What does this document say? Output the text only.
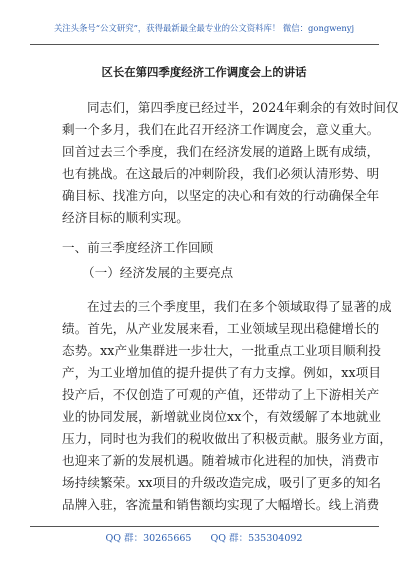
关注头条号“公文研究”，获得最新最全最专业的公文资料库！ 微信：gongwenyj
区长在第四季度经济工作调度会上的讲话
同志们，第四季度已经过半，2024年剩余的有效时间仅
剩一个多月，我们在此召开经济工作调度会，意义重大。
回首过去三个季度，我们在经济发展的道路上既有成绩，
也有挑战。在这最后的冲刺阶段，我们必须认清形势、明
确目标、找准方向，以坚定的决心和有效的行动确保全年
经济目标的顺利实现。
一、前三季度经济工作回顾
（一）经济发展的主要亮点
在过去的三个季度里，我们在多个领域取得了显著的成
绩。首先，从产业发展来看，工业领域呈现出稳健增长的
态势。xx产业集群进一步壮大，一批重点工业项目顺利投
产，为工业增加值的提升提供了有力支撑。例如，xx项目
投产后，不仅创造了可观的产值，还带动了上下游相关产
业的协同发展，新增就业岗位xx个，有效缓解了本地就业
压力，同时也为我们的税收做出了积极贡献。服务业方面，
也迎来了新的发展机遇。随着城市化进程的加快，消费市
场持续繁荣。xx项目的升级改造完成，吸引了更多的知名
品牌入驻，客流量和销售额均实现了大幅增长。线上消费
QQ 群：30265665 QQ 群：535304092
